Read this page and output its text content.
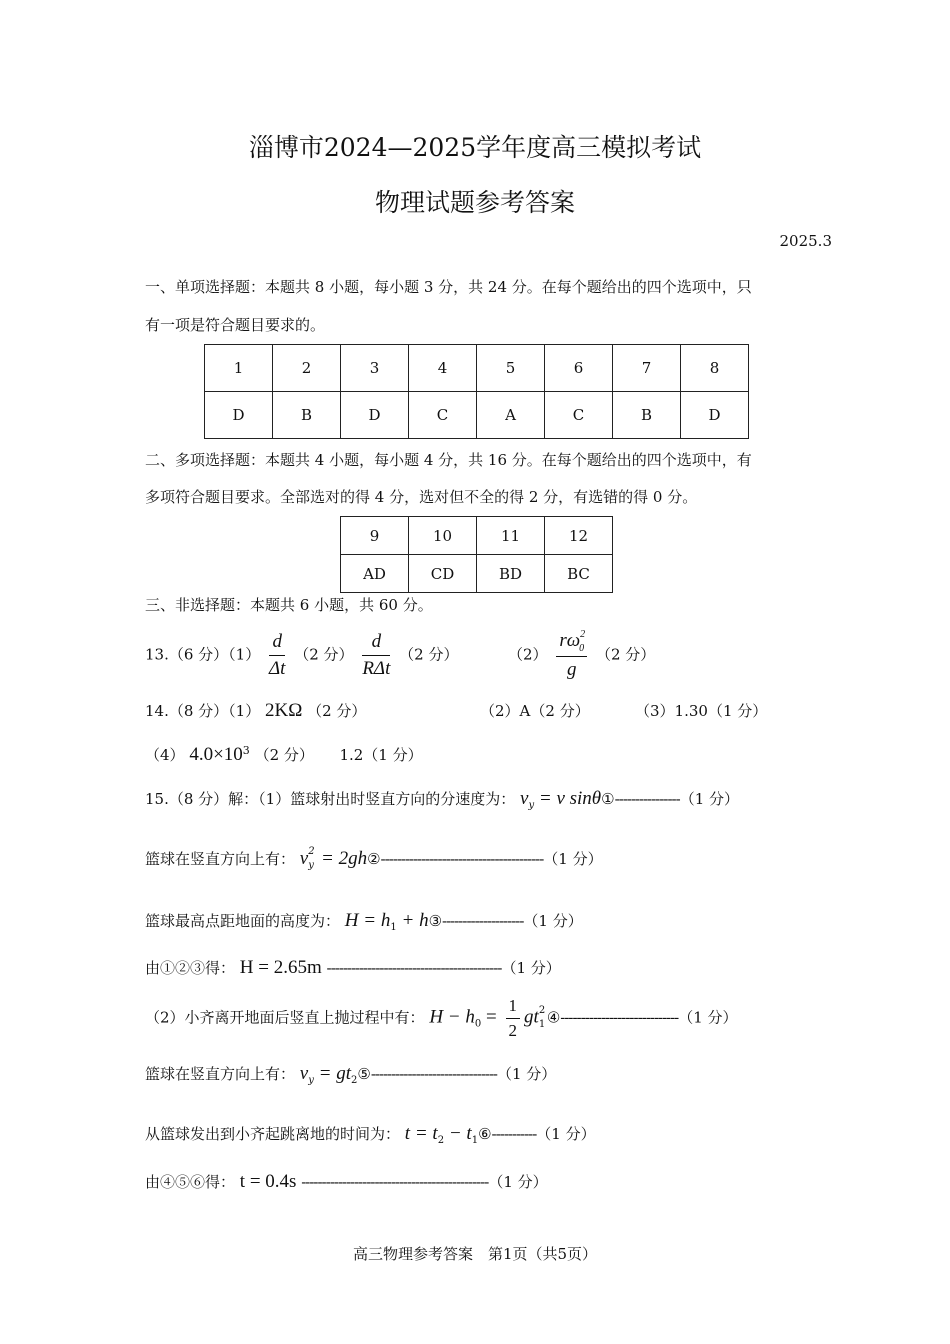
淄博市2024—2025学年度高三模拟考试
物理试题参考答案
2025.3
一、单项选择题：本题共 8 小题，每小题 3 分，共 24 分。在每个题给出的四个选项中，只
有一项是符合题目要求的。
1	2	3	4	5	6	7	8
D	B	D	C	A	C	B	D
二、多项选择题：本题共 4 小题，每小题 4 分，共 16 分。在每个题给出的四个选项中，有
多项符合题目要求。全部选对的得 4 分，选对但不全的得 2 分，有选错的得 0 分。
9	10	11	12
AD	CD	BD	BC
三、非选择题：本题共 6 小题，共 60 分。
13.（6 分）$(1) \frac{d}{\Delta t} (2$ 分） $\frac{d}{\text{RΔt}} (2$ 分）	$(2) \frac{r\omega^2_0}{g} (2$ 分）
14.（8 分）（1） 2KΩ （2 分）	（2）A（2 分）	（3）1.30（1 分）
（4） $4.0\times 10^3$ （2 分） 1.2（1 分）
15.（8 分）解：（1）篮球射出时竖直方向的分速度为： $v_y = v$ sinθ①----------------（1 分）
篮球在竖直方向上有： v 2
y = 2gh②----------------------------------------（1 分）
篮球最高点距地面的高度为： $H = h_1$ + h③--------------------（1 分）
由①②③得： H = 2.65m -------------------------------------------（1 分）
（2）小齐离开地面后竖直上抛过程中有： $H - h_0 = \frac{1}{2}$ gt 2
1 ④-----------------------------（1 分）
篮球在竖直方向上有： $v_y$ = $gt_2⑤-------------------------------(1$ 分）
从篮球发出到小齐起跳离地的时间为： $t = t_2$ − $t_1⑥-----------(1$ 分）
由④⑤⑥得： t = 0.4s ----------------------------------------------（1 分）
高三物理参考答案　第1页（共5页）
